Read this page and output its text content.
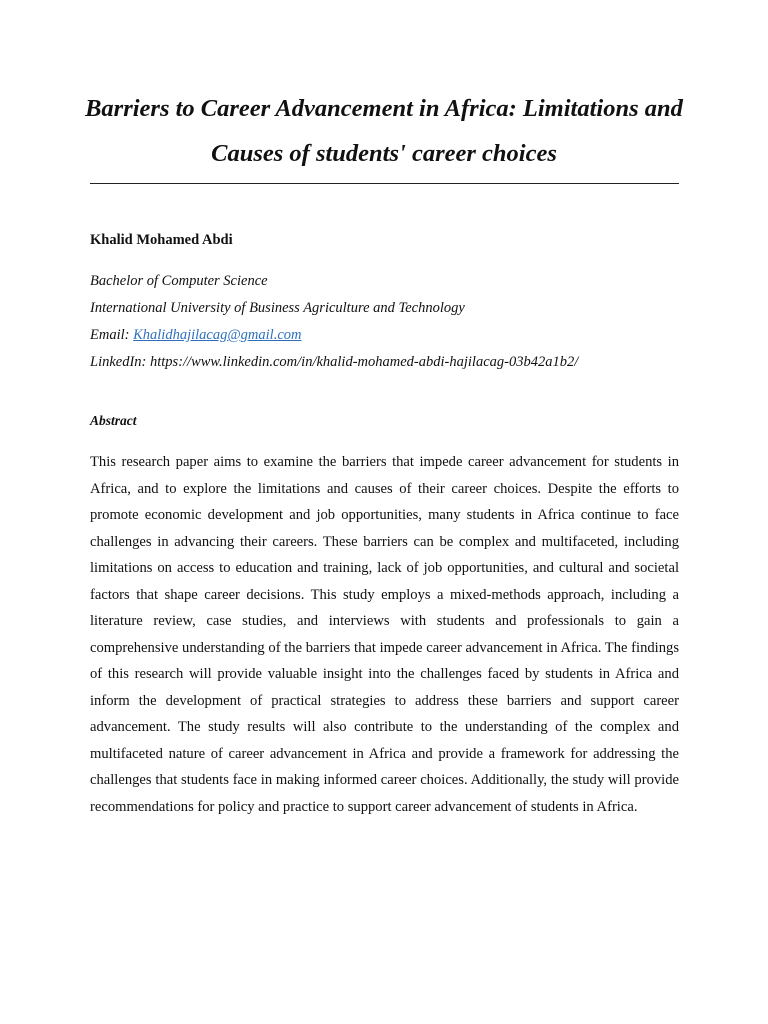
Barriers to Career Advancement in Africa: Limitations and Causes of students' career choices

Khalid Mohamed Abdi

Bachelor of Computer Science
International University of Business Agriculture and Technology
Email: Khalidhajilacag@gmail.com
LinkedIn: https://www.linkedin.com/in/khalid-mohamed-abdi-hajilacag-03b42a1b2/
Abstract

This research paper aims to examine the barriers that impede career advancement for students in Africa, and to explore the limitations and causes of their career choices. Despite the efforts to promote economic development and job opportunities, many students in Africa continue to face challenges in advancing their careers. These barriers can be complex and multifaceted, including limitations on access to education and training, lack of job opportunities, and cultural and societal factors that shape career decisions. This study employs a mixed-methods approach, including a literature review, case studies, and interviews with students and professionals to gain a comprehensive understanding of the barriers that impede career advancement in Africa. The findings of this research will provide valuable insight into the challenges faced by students in Africa and inform the development of practical strategies to address these barriers and support career advancement. The study results will also contribute to the understanding of the complex and multifaceted nature of career advancement in Africa and provide a framework for addressing the challenges that students face in making informed career choices. Additionally, the study will provide recommendations for policy and practice to support career advancement of students in Africa.
